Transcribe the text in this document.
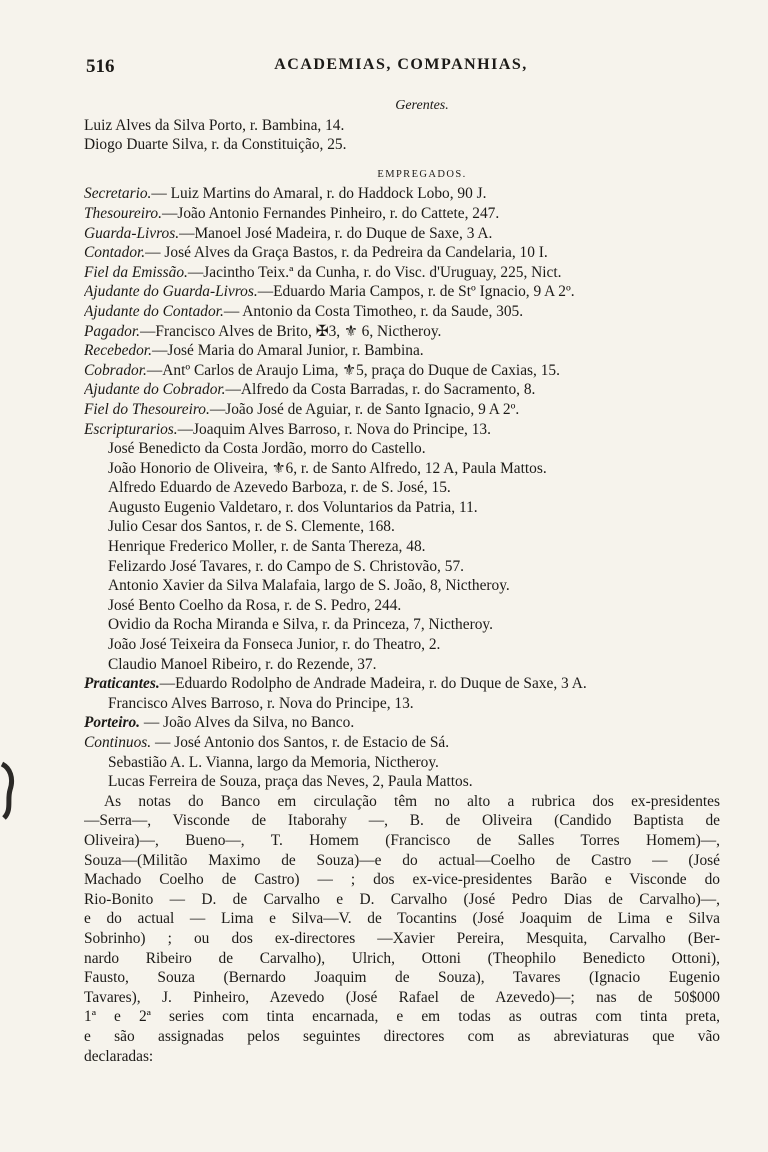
ACADEMIAS, COMPANHIAS,
516
Gerentes.
Luiz Alves da Silva Porto, r. Bambina, 14.
Diogo Duarte Silva, r. da Constituição, 25.
EMPREGADOS.
Secretario.— Luiz Martins do Amaral, r. do Haddock Lobo, 90 J.
Thesoureiro.—João Antonio Fernandes Pinheiro, r. do Cattete, 247.
Guarda-Livros.—Manoel José Madeira, r. do Duque de Saxe, 3 A.
Contador.— José Alves da Graça Bastos, r. da Pedreira da Candelaria, 10 I.
Fiel da Emissão.—Jacintho Teix.ª da Cunha, r. do Visc. d'Uruguay, 225, Nict.
Ajudante do Guarda-Livros.—Eduardo Maria Campos, r. de Stº Ignacio, 9 A 2º.
Ajudante do Contador.— Antonio da Costa Timotheo, r. da Saude, 305.
Pagador.—Francisco Alves de Brito, ✠3, ⚜ 6, Nictheroy.
Recebedor.—José Maria do Amaral Junior, r. Bambina.
Cobrador.—Antº Carlos de Araujo Lima, ⚜5, praça do Duque de Caxias, 15.
Ajudante do Cobrador.—Alfredo da Costa Barradas, r. do Sacramento, 8.
Fiel do Thesoureiro.—João José de Aguiar, r. de Santo Ignacio, 9 A 2º.
Escripturarios.—Joaquim Alves Barroso, r. Nova do Principe, 13.
José Benedicto da Costa Jordão, morro do Castello.
João Honorio de Oliveira, ⚜6, r. de Santo Alfredo, 12 A, Paula Mattos.
Alfredo Eduardo de Azevedo Barboza, r. de S. José, 15.
Augusto Eugenio Valdetaro, r. dos Voluntarios da Patria, 11.
Julio Cesar dos Santos, r. de S. Clemente, 168.
Henrique Frederico Moller, r. de Santa Thereza, 48.
Felizardo José Tavares, r. do Campo de S. Christovão, 57.
Antonio Xavier da Silva Malafaia, largo de S. João, 8, Nictheroy.
José Bento Coelho da Rosa, r. de S. Pedro, 244.
Ovidio da Rocha Miranda e Silva, r. da Princeza, 7, Nictheroy.
João José Teixeira da Fonseca Junior, r. do Theatro, 2.
Claudio Manoel Ribeiro, r. do Rezende, 37.
Praticantes.—Eduardo Rodolpho de Andrade Madeira, r. do Duque de Saxe, 3 A.
Francisco Alves Barroso, r. Nova do Principe, 13.
Porteiro. — João Alves da Silva, no Banco.
Continuos. — José Antonio dos Santos, r. de Estacio de Sá.
Sebastião A. L. Vianna, largo da Memoria, Nictheroy.
Lucas Ferreira de Souza, praça das Neves, 2, Paula Mattos.
As notas do Banco em circulação têm no alto a rubrica dos ex-presidentes
—Serra—, Visconde de Itaborahy —, B. de Oliveira (Candido Baptista de
Oliveira)—, Bueno—, T. Homem (Francisco de Salles Torres Homem)—,
Souza—(Militão Maximo de Souza)—e do actual—Coelho de Castro — (José
Machado Coelho de Castro) — ; dos ex-vice-presidentes Barão e Visconde do
Rio-Bonito — D. de Carvalho e D. Carvalho (José Pedro Dias de Carvalho)—,
e do actual — Lima e Silva—V. de Tocantins (José Joaquim de Lima e Silva
Sobrinho) ; ou dos ex-directores —Xavier Pereira, Mesquita, Carvalho (Ber-
nardo Ribeiro de Carvalho), Ulrich, Ottoni (Theophilo Benedicto Ottoni),
Fausto, Souza (Bernardo Joaquim de Souza), Tavares (Ignacio Eugenio
Tavares), J. Pinheiro, Azevedo (José Rafael de Azevedo)—; nas de 50$000
1ª e 2ª series com tinta encarnada, e em todas as outras com tinta preta,
e são assignadas pelos seguintes directores com as abreviaturas que vão
declaradas:
